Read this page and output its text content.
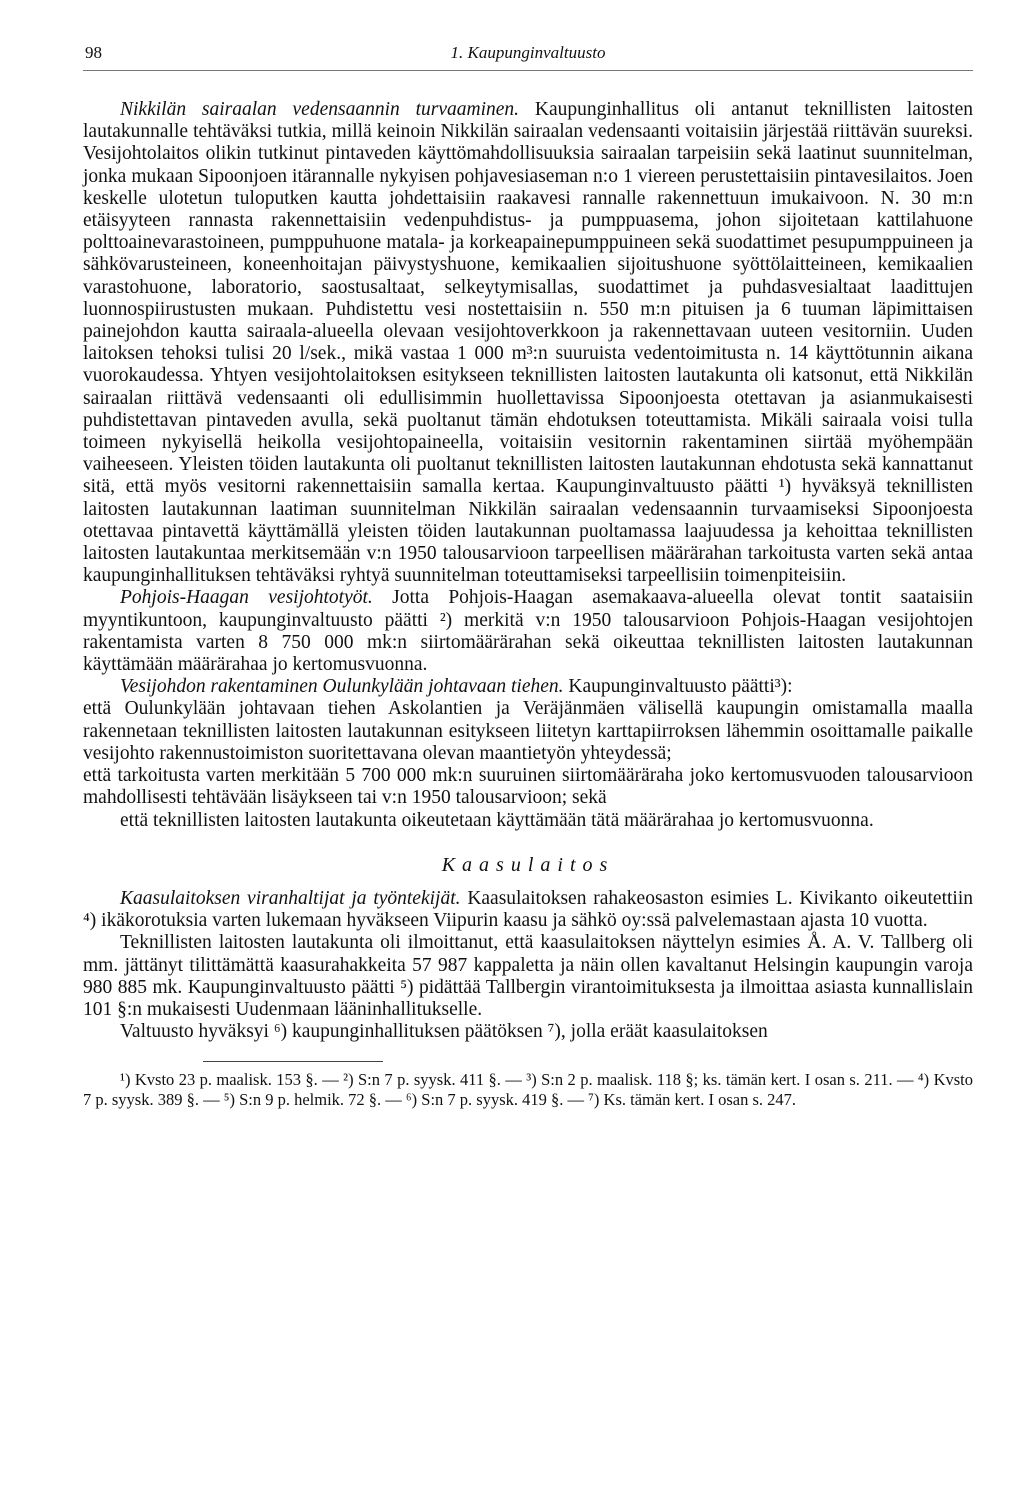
98	1. Kaupunginvaltuusto

Nikkilän sairaalan vedensaannin turvaaminen. Kaupunginhallitus oli antanut teknillisten laitosten lautakunnalle tehtäväksi tutkia, millä keinoin Nikkilän sairaalan vedensaanti voitaisiin järjestää riittävän suureksi. Vesijohtolaitos olikin tutkinut pintaveden käyttömahdollisuuksia sairaalan tarpeisiin sekä laatinut suunnitelman, jonka mukaan Sipoonjoen itärannalle nykyisen pohjavesiaseman n:o 1 viereen perustettaisiin pintavesilaitos. Joen keskelle ulotetun tuloputken kautta johdettaisiin raakavesi rannalle rakennettuun imukaivoon. N. 30 m:n etäisyyteen rannasta rakennettaisiin vedenpuhdistus- ja pumppuasema, johon sijoitetaan kattilahuone polttoainevarastoineen, pumppuhuone matala- ja korkeapainepumppuineen sekä suodattimet pesupumppuineen ja sähkövarusteineen, koneenhoitajan päivystyshuone, kemikaalien sijoitushuone syöttölaitteineen, kemikaalien varastohuone, laboratorio, saostusaltaat, selkeytymisallas, suodattimet ja puhdasvesialtaat laadittujen luonnospiirustusten mukaan. Puhdistettu vesi nostettaisiin n. 550 m:n pituisen ja 6 tuuman läpimittaisen painejohdon kautta sairaala-alueella olevaan vesijohtoverkkoon ja rakennettavaan uuteen vesitorniin. Uuden laitoksen tehoksi tulisi 20 l/sek., mikä vastaa 1 000 m³:n suuruista vedentoimitusta n. 14 käyttötunnin aikana vuorokaudessa. Yhtyen vesijohtolaitoksen esitykseen teknillisten laitosten lautakunta oli katsonut, että Nikkilän sairaalan riittävä vedensaanti oli edullisimmin huollettavissa Sipoonjoesta otettavan ja asianmukaisesti puhdistettavan pintaveden avulla, sekä puoltanut tämän ehdotuksen toteuttamista. Mikäli sairaala voisi tulla toimeen nykyisellä heikolla vesijohtopaineella, voitaisiin vesitornin rakentaminen siirtää myöhempään vaiheeseen. Yleisten töiden lautakunta oli puoltanut teknillisten laitosten lautakunnan ehdotusta sekä kannattanut sitä, että myös vesitorni rakennettaisiin samalla kertaa. Kaupunginvaltuusto päätti ¹) hyväksyä teknillisten laitosten lautakunnan laatiman suunnitelman Nikkilän sairaalan vedensaannin turvaamiseksi Sipoonjoesta otettavaa pintavettä käyttämällä yleisten töiden lautakunnan puoltamassa laajuudessa ja kehoittaa teknillisten laitosten lautakuntaa merkitsemään v:n 1950 talousarvioon tarpeellisen määrärahan tarkoitusta varten sekä antaa kaupunginhallituksen tehtäväksi ryhtyä suunnitelman toteuttamiseksi tarpeellisiin toimenpiteisiin.

Pohjois-Haagan vesijohtotyöt. Jotta Pohjois-Haagan asemakaava-alueella olevat tontit saataisiin myyntikuntoon, kaupunginvaltuusto päätti ²) merkitä v:n 1950 talousarvioon Pohjois-Haagan vesijohtojen rakentamista varten 8 750 000 mk:n siirtomäärärahan sekä oikeuttaa teknillisten laitosten lautakunnan käyttämään määrärahaa jo kertomusvuonna.

Vesijohdon rakentaminen Oulunkylään johtavaan tiehen. Kaupunginvaltuusto päätti³):

että Oulunkylään johtavaan tiehen Askolantien ja Veräjänmäen välisellä kaupungin omistamalla maalla rakennetaan teknillisten laitosten lautakunnan esitykseen liitetyn karttapiirroksen lähemmin osoittamalle paikalle vesijohto rakennustoimiston suoritettavana olevan maantietyön yhteydessä;

että tarkoitusta varten merkitään 5 700 000 mk:n suuruinen siirtomääräraha joko kertomusvuoden talousarvioon mahdollisesti tehtävään lisäykseen tai v:n 1950 talousarvioon; sekä

että teknillisten laitosten lautakunta oikeutetaan käyttämään tätä määrärahaa jo kertomusvuonna.

Kaasulaitos

Kaasulaitoksen viranhaltijat ja työntekijät. Kaasulaitoksen rahakeosaston esimies L. Kivikanto oikeutettiin ⁴) ikäkorotuksia varten lukemaan hyväkseen Viipurin kaasu ja sähkö oy:ssä palvelemastaan ajasta 10 vuotta.

Teknillisten laitosten lautakunta oli ilmoittanut, että kaasulaitoksen näyttelyn esimies Å. A. V. Tallberg oli mm. jättänyt tilittämättä kaasurahakkeita 57 987 kappaletta ja näin ollen kavaltanut Helsingin kaupungin varoja 980 885 mk. Kaupunginvaltuusto päätti ⁵) pidättää Tallbergin virantoimituksesta ja ilmoittaa asiasta kunnallislain 101 §:n mukaisesti Uudenmaan lääninhallitukselle.

Valtuusto hyväksyi ⁶) kaupunginhallituksen päätöksen ⁷), jolla eräät kaasulaitoksen

¹) Kvsto 23 p. maalisk. 153 §. — ²) S:n 7 p. syysk. 411 §. — ³) S:n 2 p. maalisk. 118 §; ks. tämän kert. I osan s. 211. — ⁴) Kvsto 7 p. syysk. 389 §. — ⁵) S:n 9 p. helmik. 72 §. — ⁶) S:n 7 p. syysk. 419 §. — ⁷) Ks. tämän kert. I osan s. 247.
